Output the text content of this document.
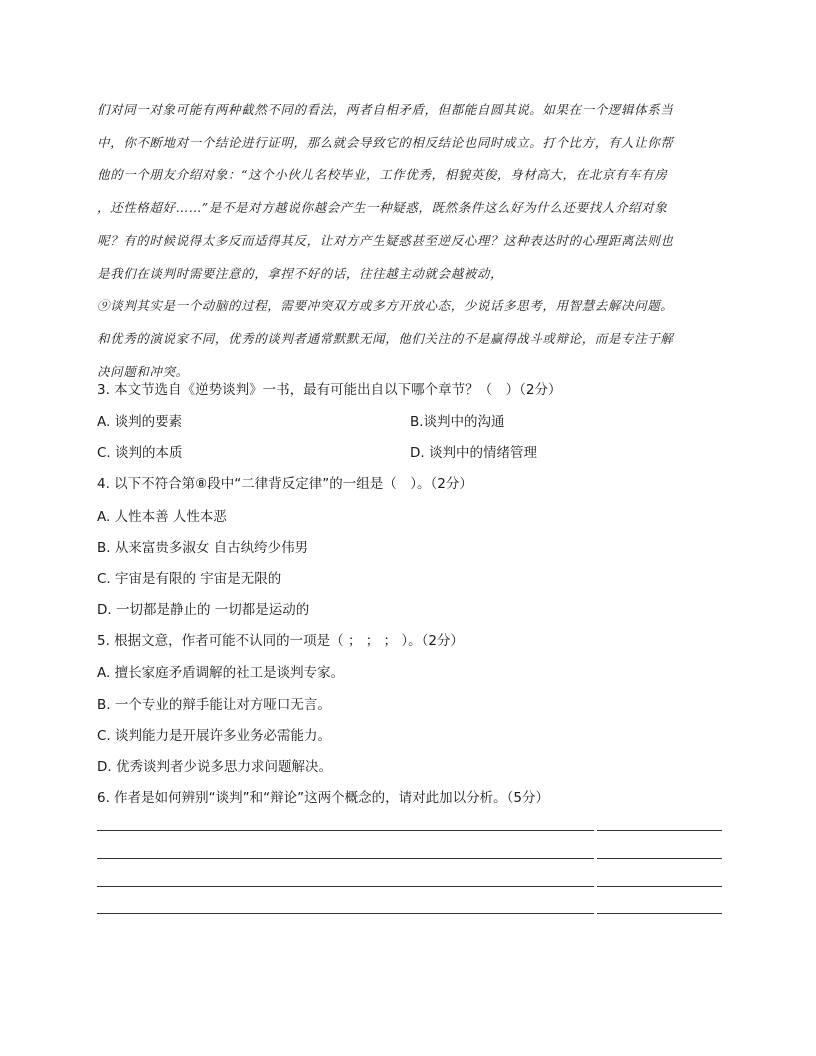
们对同一对象可能有两种截然不同的看法，两者自相矛盾，但都能自圆其说。如果在一个逻辑体系当

中，你不断地对一个结论进行证明，那么就会导致它的相反结论也同时成立。打个比方，有人让你帮

他的一个朋友介绍对象：“这个小伙儿名校毕业，工作优秀，相貌英俊，身材高大，在北京有车有房

，还性格超好……”是不是对方越说你越会产生一种疑惑，既然条件这么好为什么还要找人介绍对象

呢？有的时候说得太多反而适得其反，让对方产生疑惑甚至逆反心理？这种表达时的心理距离法则也

是我们在谈判时需要注意的，拿捏不好的话，往往越主动就会越被动，

⑨谈判其实是一个动脑的过程，需要冲突双方或多方开放心态，少说话多思考，用智慧去解决问题。

和优秀的演说家不同，优秀的谈判者通常默默无闻，他们关注的不是赢得战斗或辩论，而是专注于解

决问题和冲突。

3. 本文节选自《逆势谈判》一书，最有可能出自以下哪个章节？（　）（2分）
A. 谈判的要素	B.谈判中的沟通
C. 谈判的本质	D. 谈判中的情绪管理
4. 以下不符合第⑧段中“二律背反定律”的一组是（　）。（2分）
A. 人性本善 人性本恶
B. 从来富贵多淑女 自古纨绔少伟男
C. 宇宙是有限的 宇宙是无限的
D. 一切都是静止的 一切都是运动的
5. 根据文意，作者可能不认同的一项是（ ； ； ； ）。（2分）
A. 擅长家庭矛盾调解的社工是谈判专家。
B. 一个专业的辩手能让对方哑口无言。
C. 谈判能力是开展许多业务必需能力。
D. 优秀谈判者少说多思力求问题解决。
6. 作者是如何辨别“谈判”和“辩论”这两个概念的，请对此加以分析。（5分）
